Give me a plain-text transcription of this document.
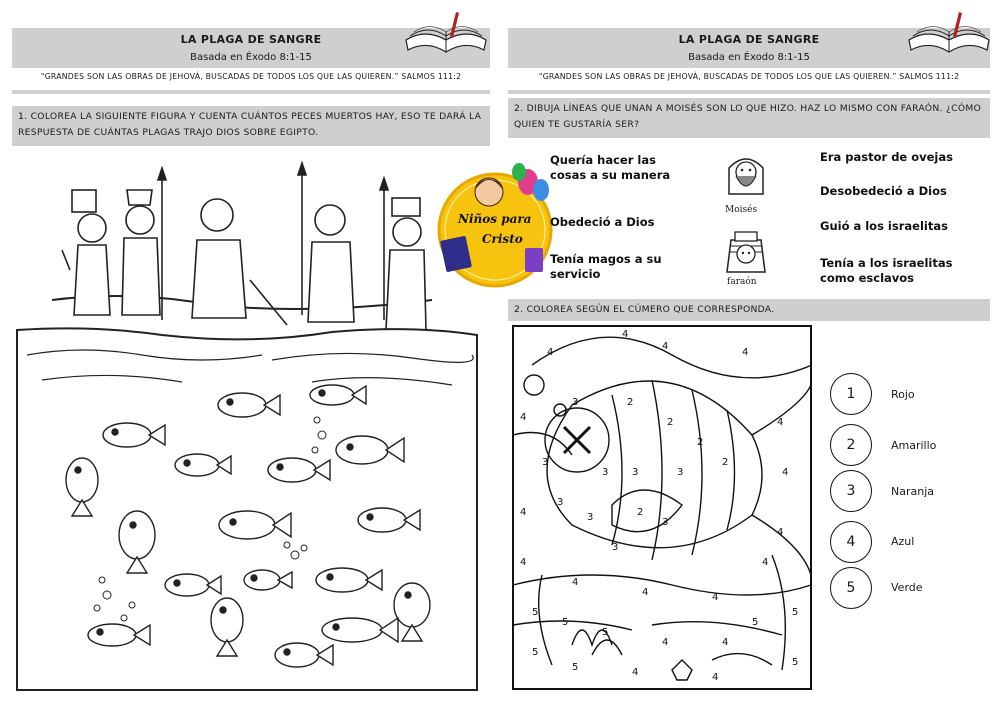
LA PLAGA DE SANGRE
Basada en Éxodo 8:1-15
“GRANDES SON LAS OBRAS DE JEHOVÁ, BUSCADAS DE TODOS LOS QUE LAS QUIEREN.” SALMOS 111:2
1. COLOREA LA SIGUIENTE FIGURA Y CUENTA CUÁNTOS PECES MUERTOS HAY, ESO TE DARÁ LA RESPUESTA DE CUÁNTAS PLAGAS TRAJO DIOS SOBRE EGIPTO.
Niños para
Cristo
LA PLAGA DE SANGRE
Basada en Éxodo 8:1-15
“GRANDES SON LAS OBRAS DE JEHOVÁ, BUSCADAS DE TODOS LOS QUE LAS QUIEREN.” SALMOS 111:2
2. DIBUJA LÍNEAS QUE UNAN A MOISÉS SON LO QUE HIZO. HAZ LO MISMO CON FARAÓN. ¿CÓMO QUIEN TE GUSTARÍA SER?
Quería hacer las cosas a su manera
Obedeció a Dios
Tenía magos a su servicio
Moisés
faraón
Era pastor de ovejas
Desobedeció a Dios
Guió a los israelitas
Tenía a los israelitas como esclavos
2. COLOREA SEGÚN EL CÚMERO QUE CORRESPONDA.
4
4
4
4
4
3
3
3
2
2
2
2
3	3
2
3
3
3
3
4
4
4
4
4
4
4	4
4
5
5
5
4	4
5
5
5
5	4	4
5
1	Rojo
2	Amarillo
3	Naranja
4	Azul
5	Verde
